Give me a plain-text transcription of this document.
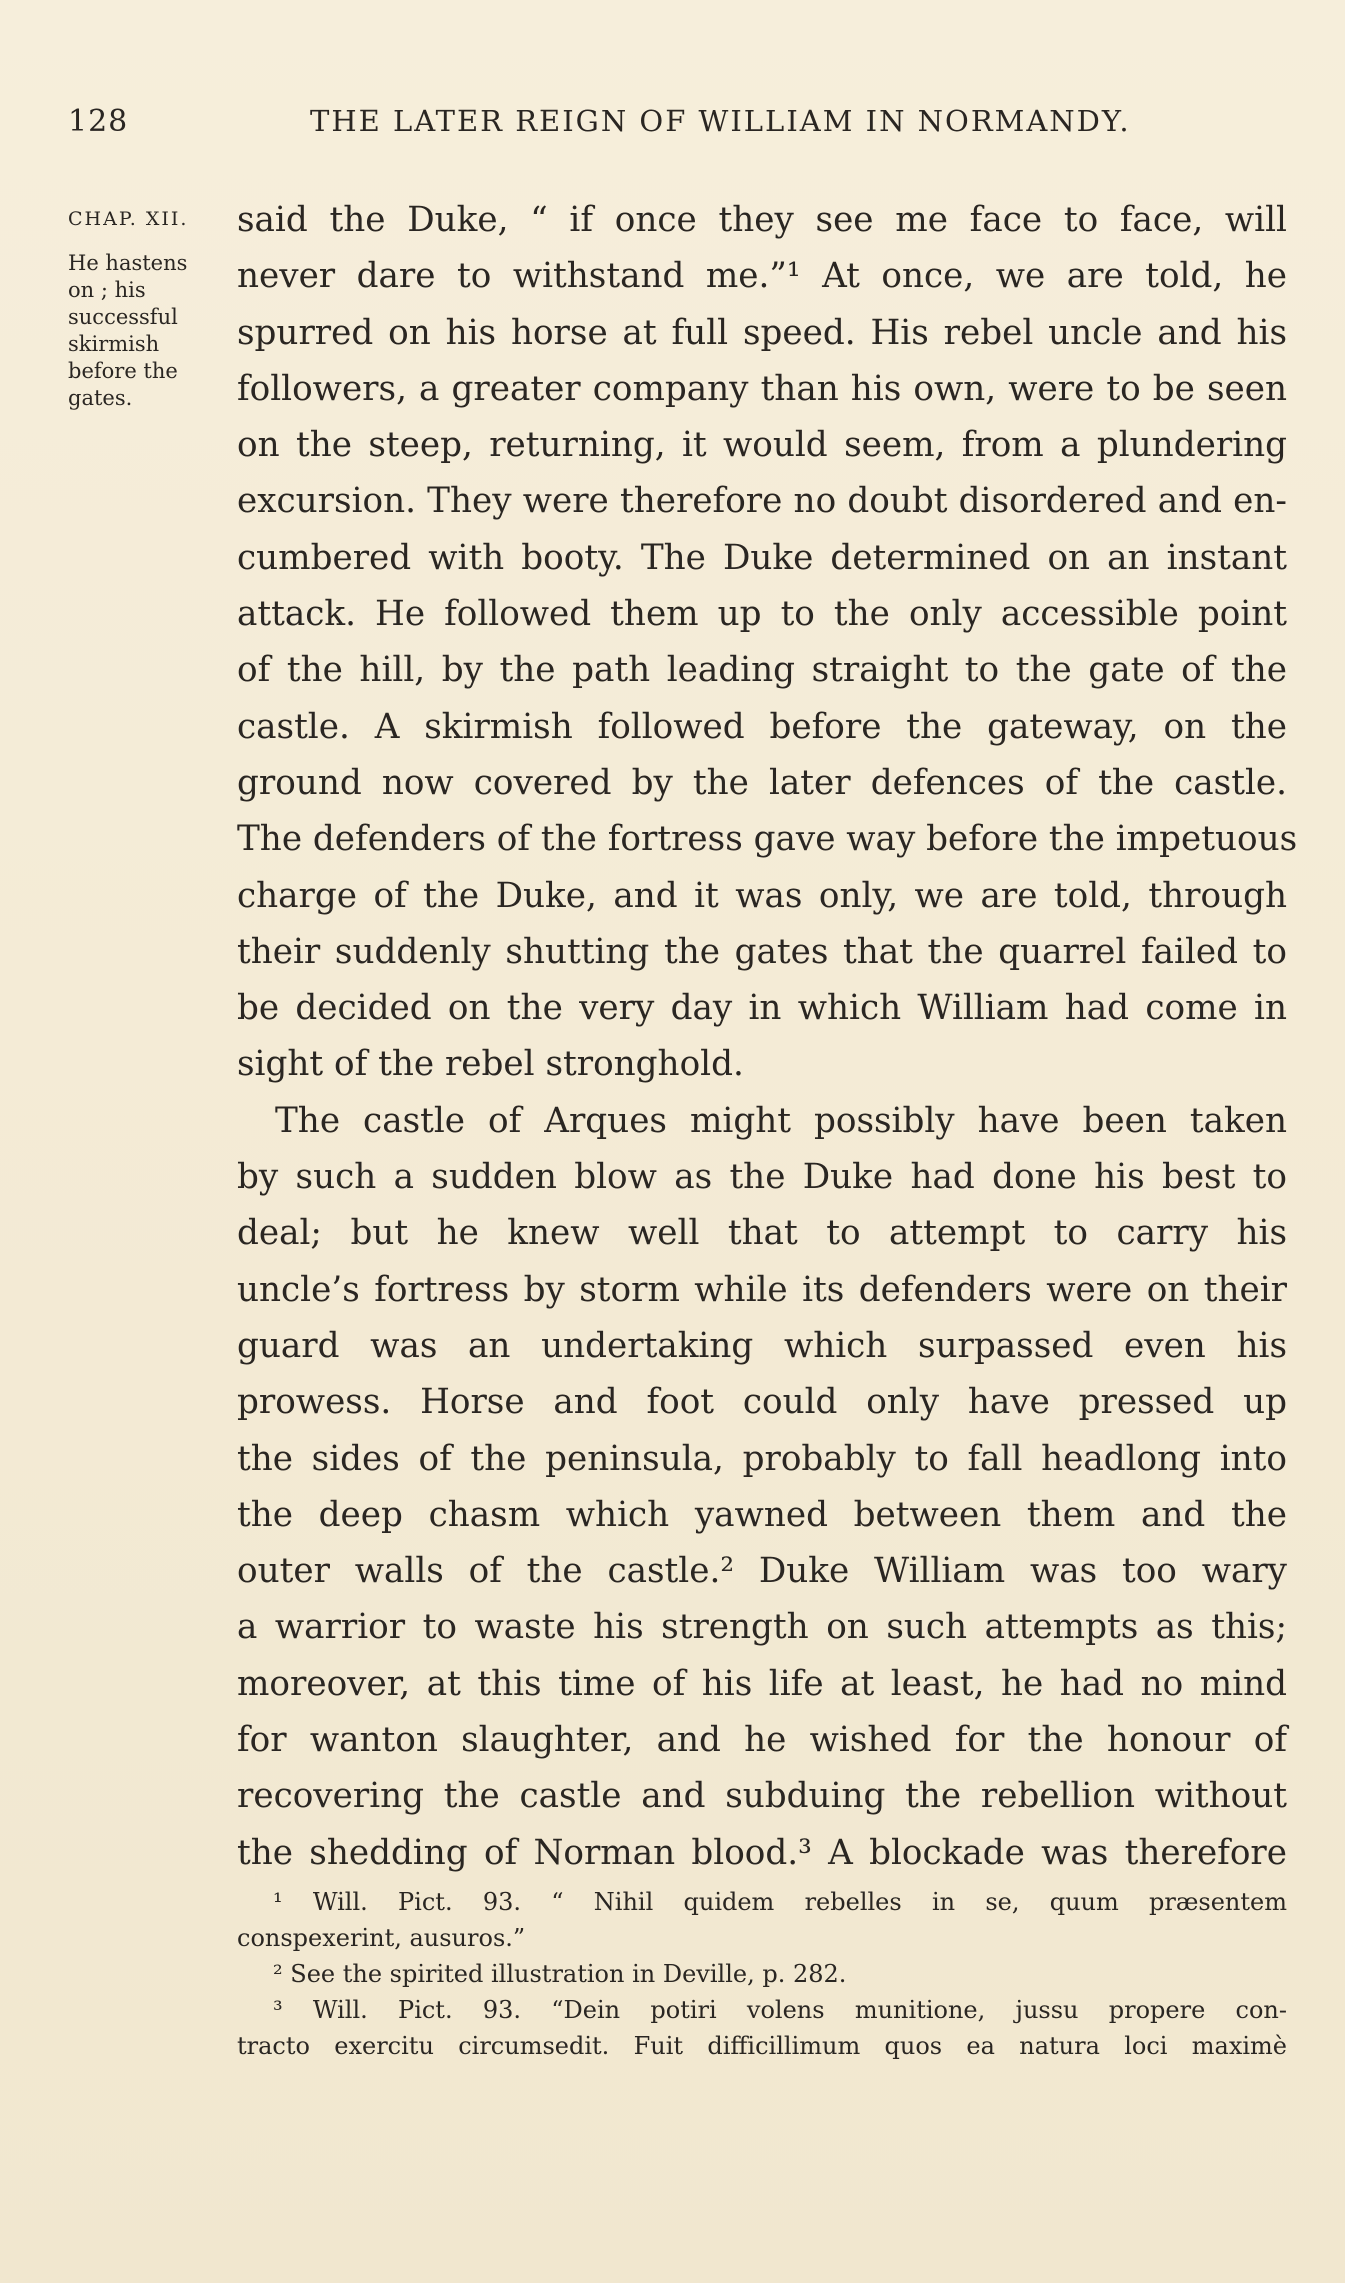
128	THE LATER REIGN OF WILLIAM IN NORMANDY.
CHAP. XII.
He hastens
on ; his
successful
skirmish
before the
gates.
said the Duke, “ if once they see me face to face, will
never dare to withstand me.”¹ At once, we are told, he
spurred on his horse at full speed. His rebel uncle and his
followers, a greater company than his own, were to be seen
on the steep, returning, it would seem, from a plundering
excursion. They were therefore no doubt disordered and en-
cumbered with booty. The Duke determined on an instant
attack. He followed them up to the only accessible point
of the hill, by the path leading straight to the gate of the
castle. A skirmish followed before the gateway, on the
ground now covered by the later defences of the castle.
The defenders of the fortress gave way before the impetuous
charge of the Duke, and it was only, we are told, through
their suddenly shutting the gates that the quarrel failed to
be decided on the very day in which William had come in
sight of the rebel stronghold.
The castle of Arques might possibly have been taken
by such a sudden blow as the Duke had done his best to
deal; but he knew well that to attempt to carry his
uncle’s fortress by storm while its defenders were on their
guard was an undertaking which surpassed even his
prowess. Horse and foot could only have pressed up
the sides of the peninsula, probably to fall headlong into
the deep chasm which yawned between them and the
outer walls of the castle.² Duke William was too wary
a warrior to waste his strength on such attempts as this;
moreover, at this time of his life at least, he had no mind
for wanton slaughter, and he wished for the honour of
recovering the castle and subduing the rebellion without
the shedding of Norman blood.³ A blockade was therefore
¹ Will. Pict. 93. “ Nihil quidem rebelles in se, quum præsentem
conspexerint, ausuros.”
² See the spirited illustration in Deville, p. 282.
³ Will. Pict. 93. “Dein potiri volens munitione, jussu propere con-
tracto exercitu circumsedit. Fuit difficillimum quos ea natura loci maximè
